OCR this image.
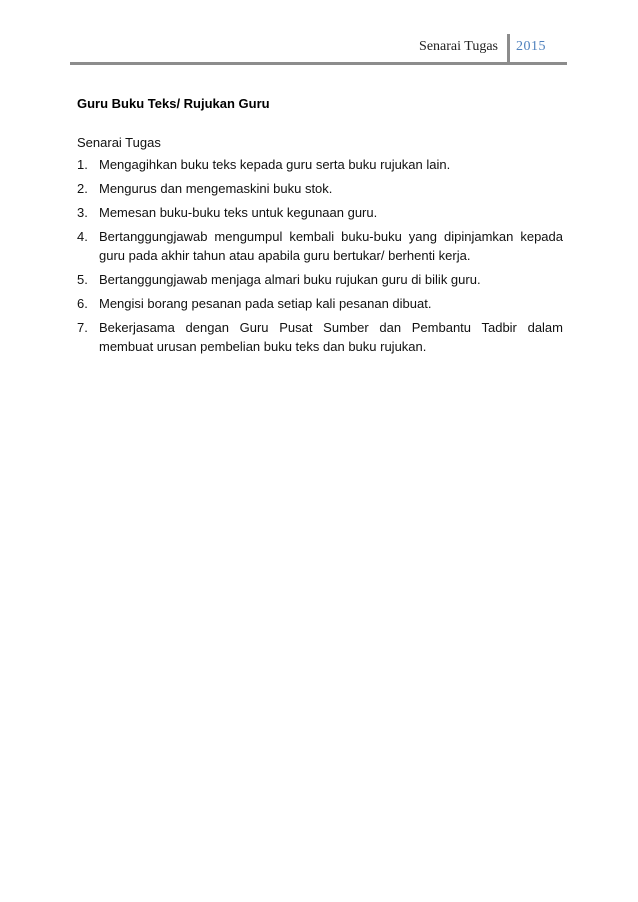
Senarai Tugas 2015
Guru Buku Teks/ Rujukan Guru
Senarai Tugas
1. Mengagihkan buku teks kepada guru serta buku rujukan lain.
2. Mengurus dan mengemaskini buku stok.
3. Memesan buku-buku teks untuk kegunaan guru.
4. Bertanggungjawab mengumpul kembali buku-buku yang dipinjamkan kepada guru pada akhir tahun atau apabila guru bertukar/ berhenti kerja.
5. Bertanggungjawab menjaga almari buku rujukan guru di bilik guru.
6. Mengisi borang pesanan pada setiap kali pesanan dibuat.
7. Bekerjasama dengan Guru Pusat Sumber dan Pembantu Tadbir dalam membuat urusan pembelian buku teks dan buku rujukan.
